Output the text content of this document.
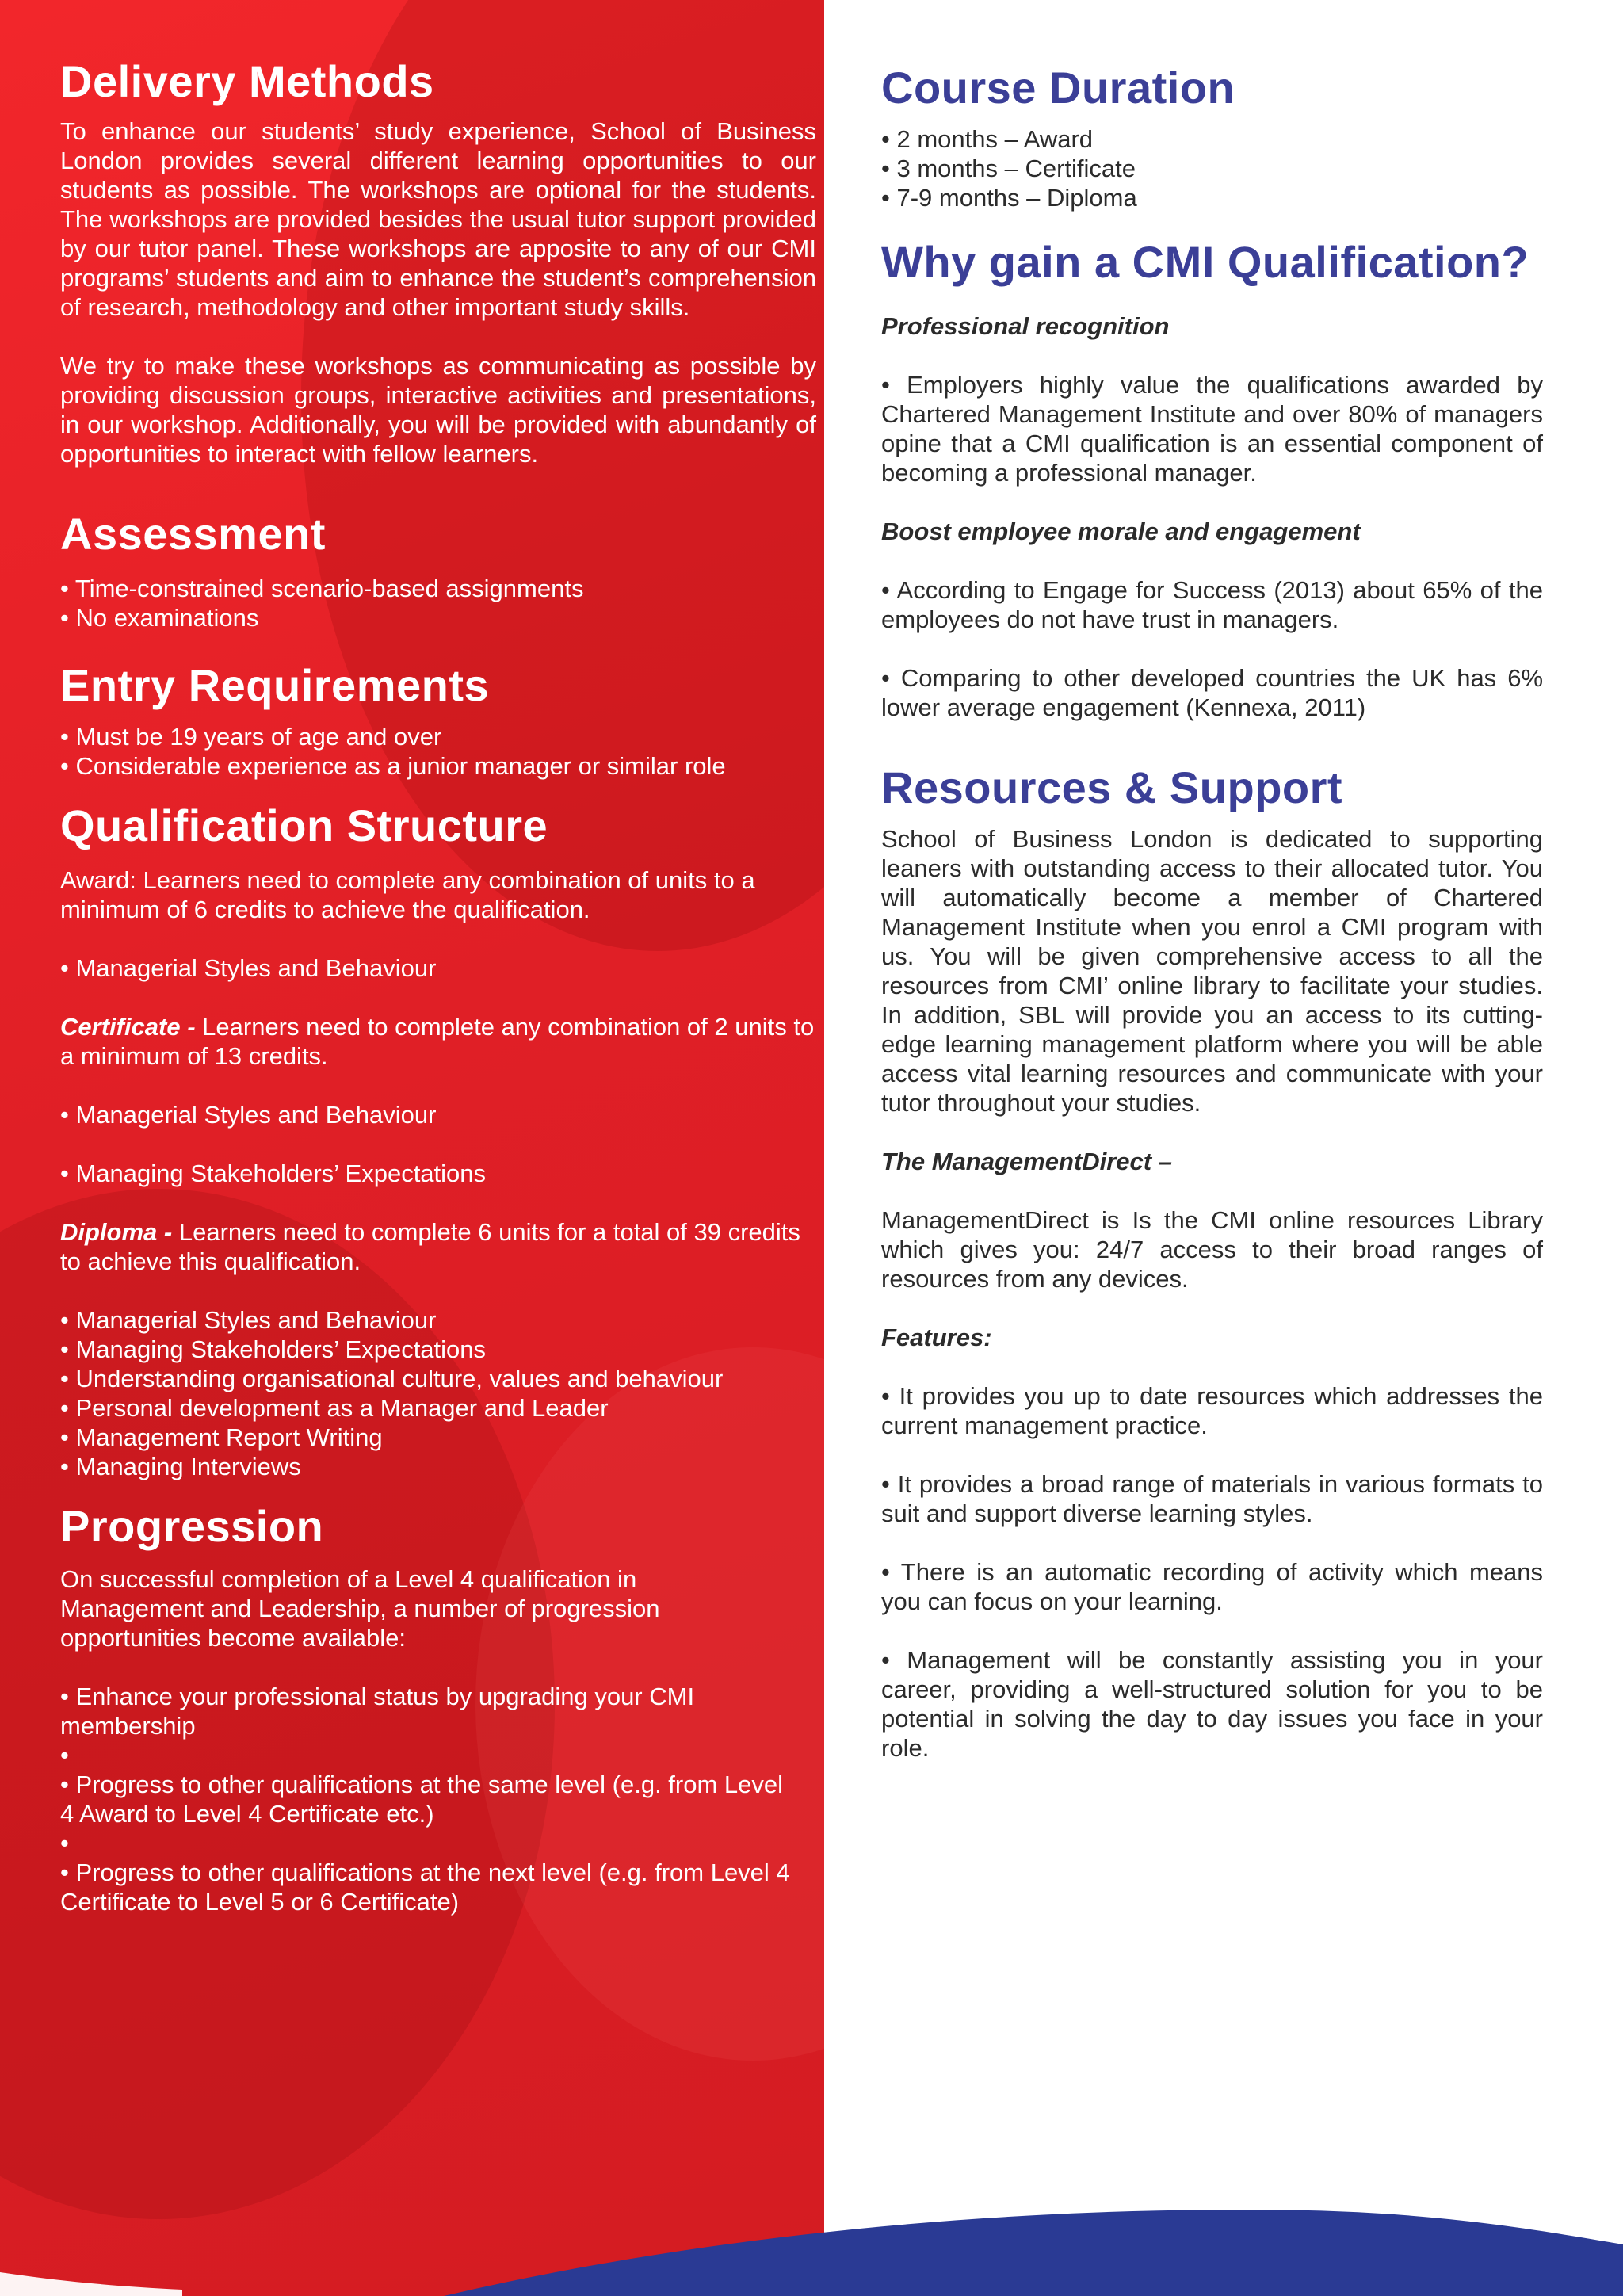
Delivery Methods

To enhance our students’ study experience, School of Business London provides several different learning opportunities to our students as possible. The workshops are optional for the students. The workshops are provided besides the usual tutor support provided by our tutor panel. These workshops are apposite to any of our CMI programs’ students and aim to enhance the student’s comprehension of research, methodology and other important study skills.

We try to make these workshops as communicating as possible by providing discussion groups, interactive activities and presentations, in our workshop. Additionally, you will be provided with abundantly of opportunities to interact with fellow learners.

Assessment
• Time-constrained scenario-based assignments
• No examinations
Entry Requirements
• Must be 19 years of age and over
• Considerable experience as a junior manager or similar role
Qualification Structure

Award: Learners need to complete any combination of units to a minimum of 6 credits to achieve the qualification.

• Managerial Styles and Behaviour

Certificate - Learners need to complete any combination of 2 units to a minimum of 13 credits.

• Managerial Styles and Behaviour
• Managing Stakeholders’ Expectations

Diploma - Learners need to complete 6 units for a total of 39 credits to achieve this qualification.

• Managerial Styles and Behaviour
• Managing Stakeholders’ Expectations
• Understanding organisational culture, values and behaviour
• Personal development as a Manager and Leader
• Management Report Writing
• Managing Interviews
Progression

On successful completion of a Level 4 qualification in Management and Leadership, a number of progression opportunities become available:

• Enhance your professional status by upgrading your CMI membership
•
• Progress to other qualifications at the same level (e.g. from Level 4 Award to Level 4 Certificate etc.)
•
• Progress to other qualifications at the next level (e.g. from Level 4 Certificate to Level 5 or 6 Certificate)
Course Duration
• 2 months – Award
• 3 months – Certificate
• 7-9 months – Diploma
Why gain a CMI Qualification?

Professional recognition

• Employers highly value the qualifications awarded by Chartered Management Institute and over 80% of managers opine that a CMI qualification is an essential component of becoming a professional manager.

Boost employee morale and engagement

• According to Engage for Success (2013) about 65% of the employees do not have trust in managers.

• Comparing to other developed countries the UK has 6% lower average engagement (Kennexa, 2011)

Resources & Support

School of Business London is dedicated to supporting leaners with outstanding access to their allocated tutor. You will automatically become a member of Chartered Management Institute when you enrol a CMI program with us. You will be given comprehensive access to all the resources from CMI’ online library to facilitate your studies. In addition, SBL will provide you an access to its cutting-edge learning management platform where you will be able access vital learning resources and communicate with your tutor throughout your studies.

The ManagementDirect –

ManagementDirect is Is the CMI online resources Library which gives you: 24/7 access to their broad ranges of resources from any devices.

Features:

• It provides you up to date resources which addresses the current management practice.

• It provides a broad range of materials in various formats to suit and support diverse learning styles.

• There is an automatic recording of activity which means you can focus on your learning.

• Management will be constantly assisting you in your career, providing a well-structured solution for you to be potential in solving the day to day issues you face in your role.
